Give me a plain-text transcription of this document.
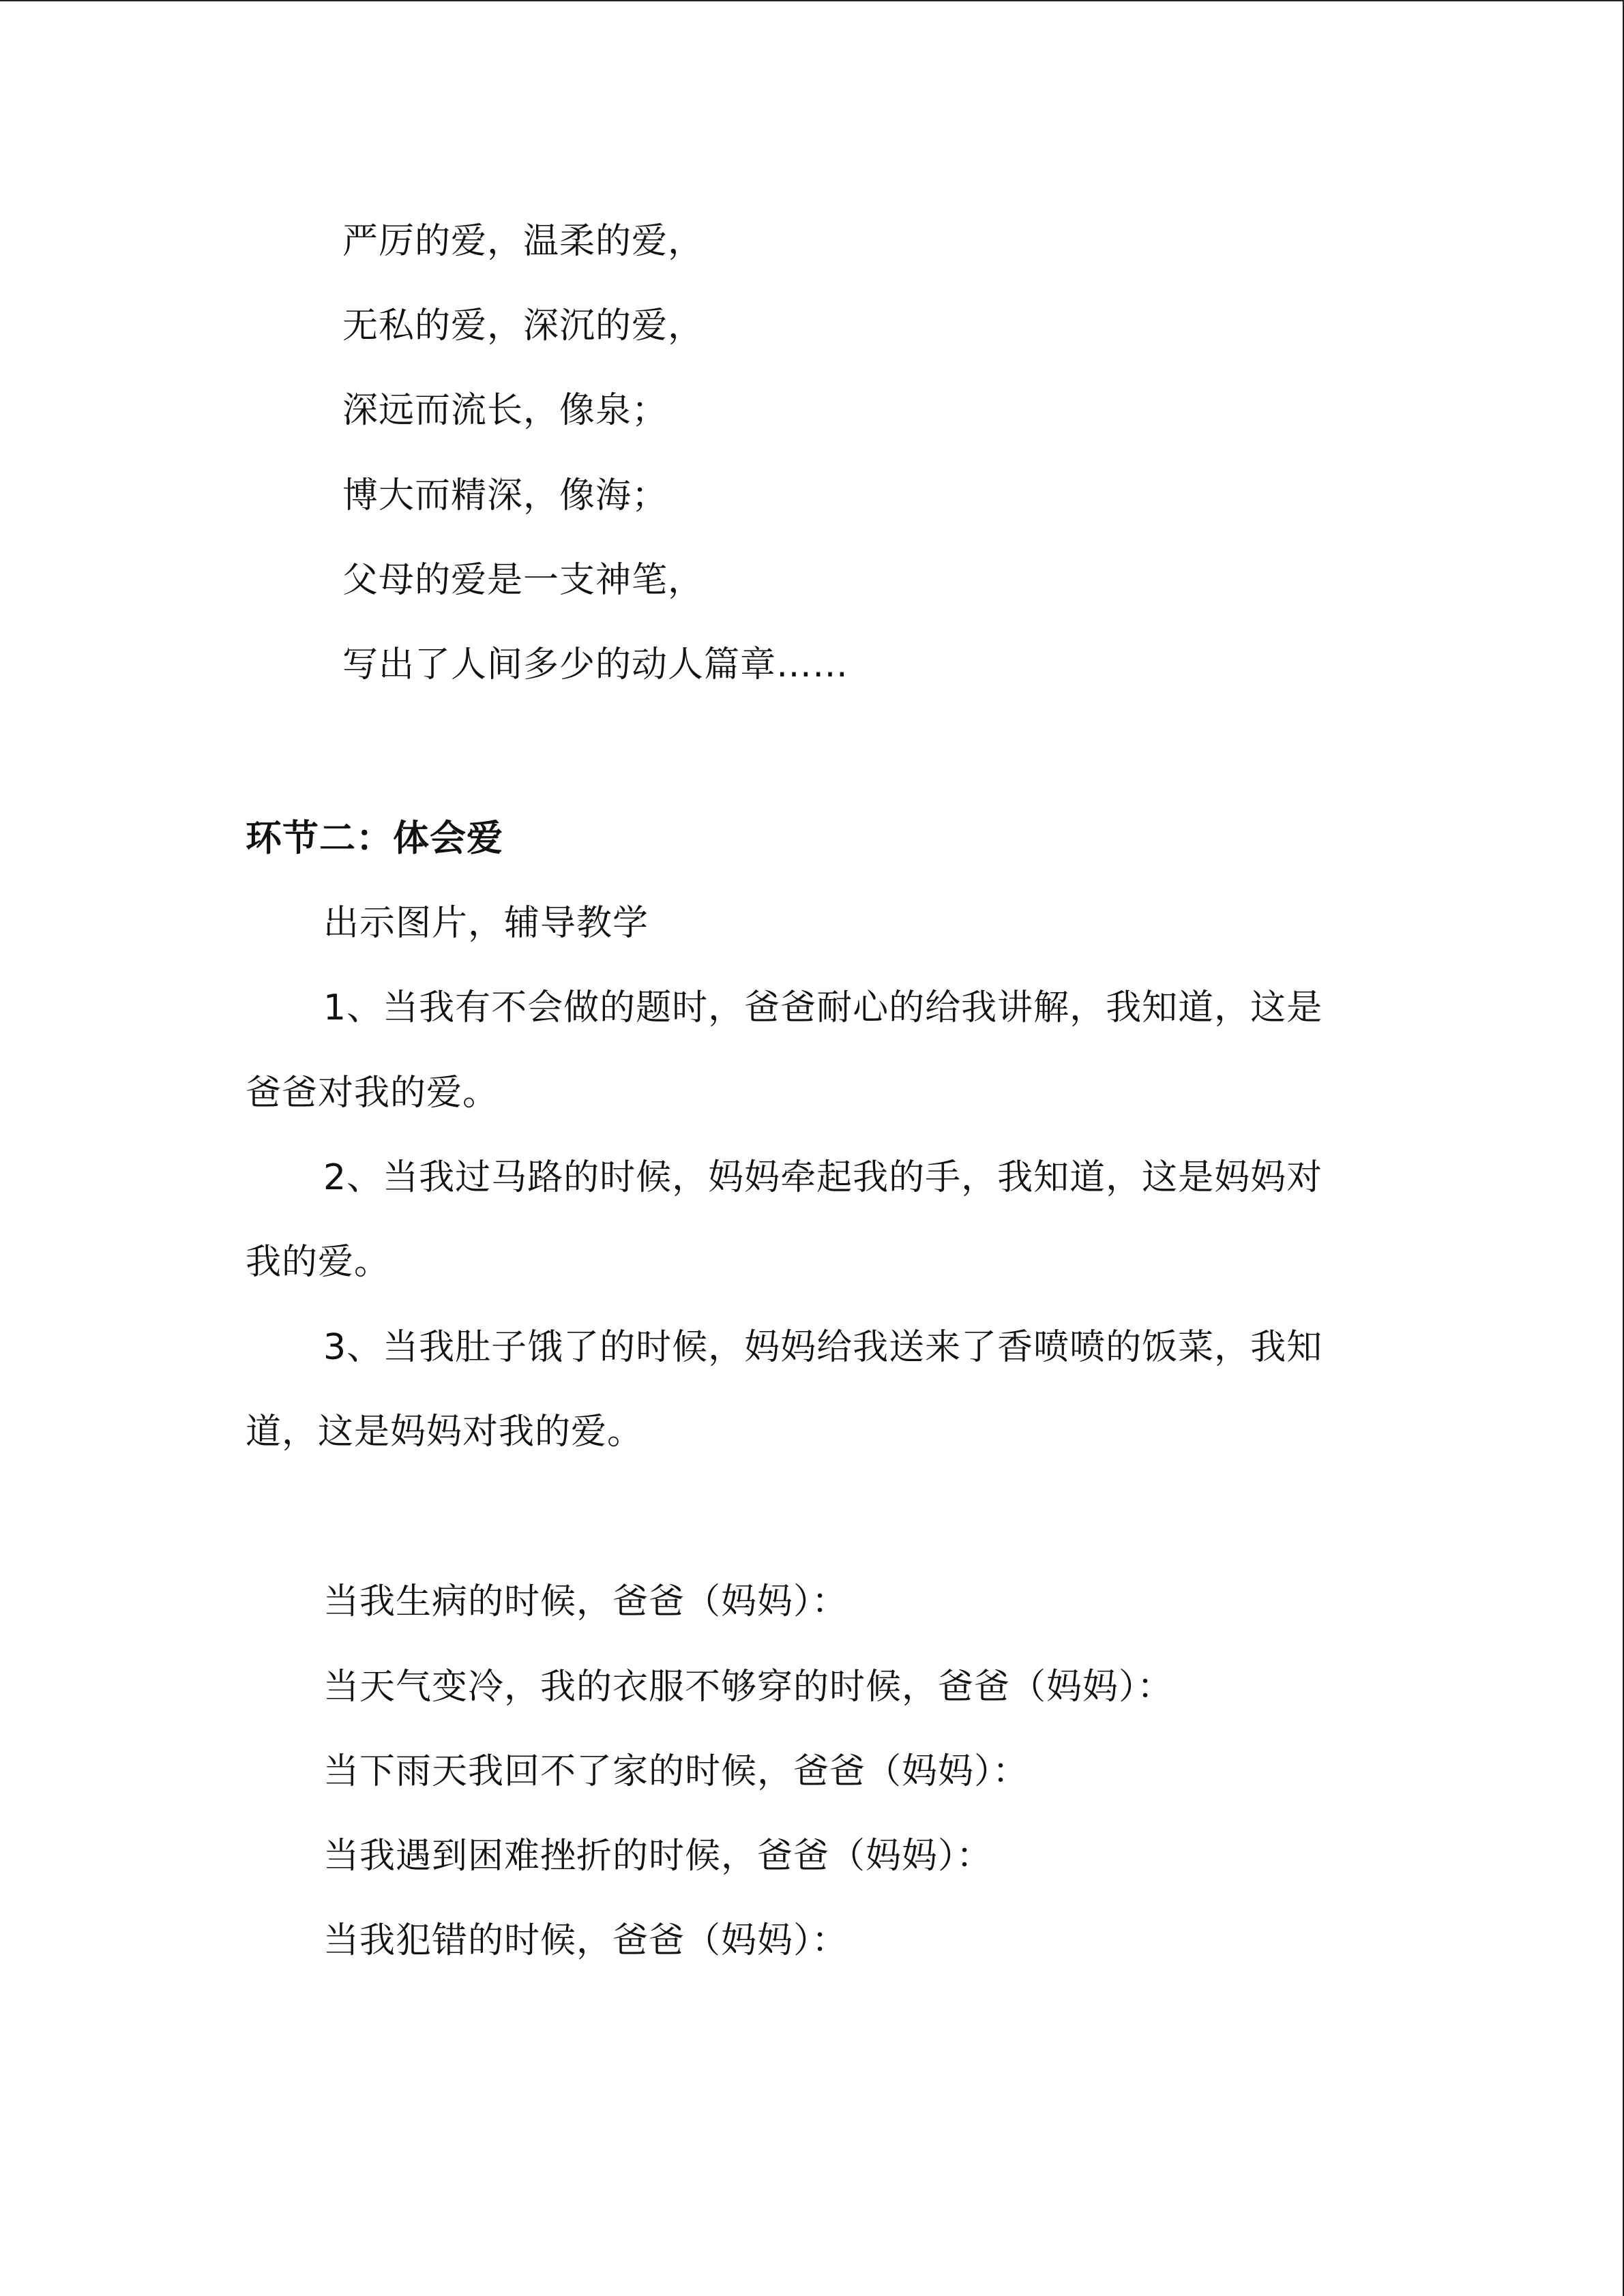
严厉的爱，温柔的爱，
无私的爱，深沉的爱，
深远而流长，像泉；
博大而精深，像海；
父母的爱是一支神笔，
写出了人间多少的动人篇章……
环节二：体会爱
出示图片，辅导教学
1、当我有不会做的题时，爸爸耐心的给我讲解，我知道，这是
爸爸对我的爱。
2、当我过马路的时候，妈妈牵起我的手，我知道，这是妈妈对
我的爱。
3、当我肚子饿了的时候，妈妈给我送来了香喷喷的饭菜，我知
道，这是妈妈对我的爱。
当我生病的时候，爸爸（妈妈）：
当天气变冷，我的衣服不够穿的时候，爸爸（妈妈）：
当下雨天我回不了家的时候，爸爸（妈妈）：
当我遇到困难挫折的时候，爸爸（妈妈）：
当我犯错的时候，爸爸（妈妈）：
